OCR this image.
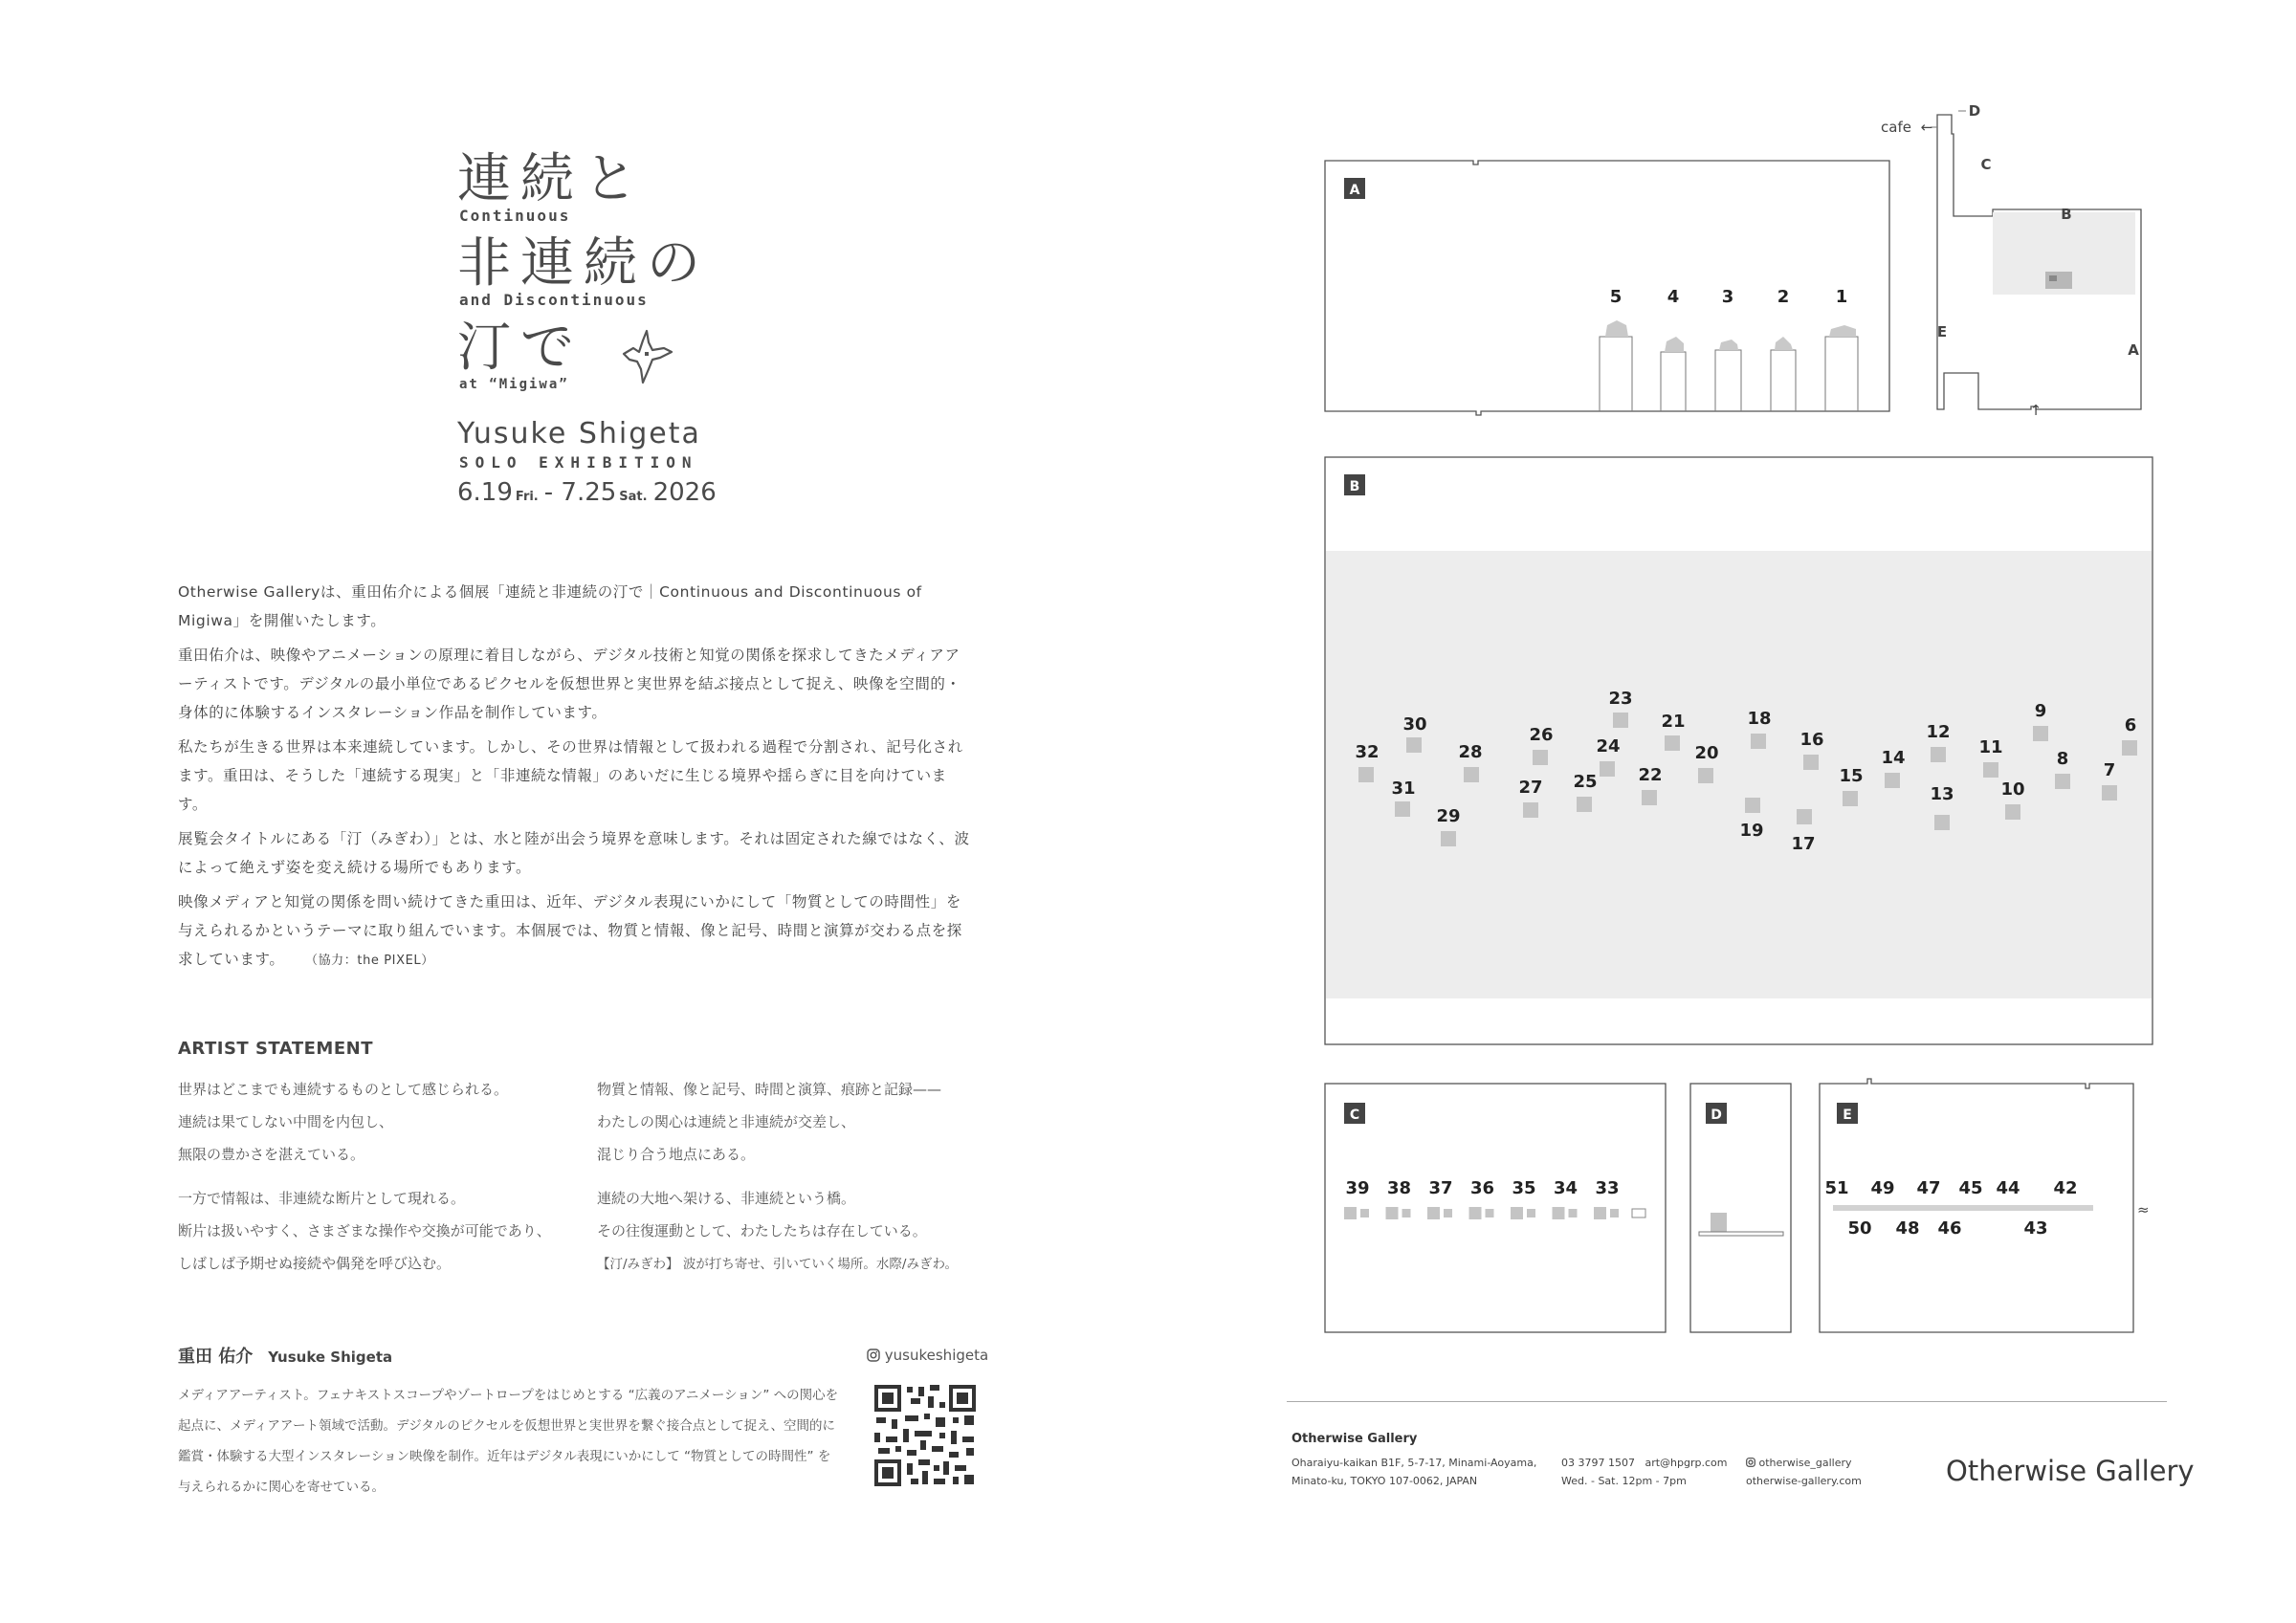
連続と
Continuous
非連続の
and Discontinuous
汀で
at “Migiwa”
Yusuke Shigeta
SOLO EXHIBITION
6.19 Fri. - 7.25 Sat. 2026

Otherwise Galleryは、重田佑介による個展「連続と非連続の汀で｜Continuous and Discontinuous of Migiwa」を開催いたします。

重田佑介は、映像やアニメーションの原理に着目しながら、デジタル技術と知覚の関係を探求してきたメディアアーティストです。デジタルの最小単位であるピクセルを仮想世界と実世界を結ぶ接点として捉え、映像を空間的・身体的に体験するインスタレーション作品を制作しています。

私たちが生きる世界は本来連続しています。しかし、その世界は情報として扱われる過程で分割され、記号化されます。重田は、そうした「連続する現実」と「非連続な情報」のあいだに生じる境界や揺らぎに目を向けています。

展覧会タイトルにある「汀（みぎわ）」とは、水と陸が出会う境界を意味します。それは固定された線ではなく、波によって絶えず姿を変え続ける場所でもあります。

映像メディアと知覚の関係を問い続けてきた重田は、近年、デジタル表現にいかにして「物質としての時間性」を与えられるかというテーマに取り組んでいます。本個展では、物質と情報、像と記号、時間と演算が交わる点を探求しています。 （協力：the PIXEL）

ARTIST STATEMENT

世界はどこまでも連続するものとして感じられる。
連続は果てしない中間を内包し、
無限の豊かさを湛えている。

一方で情報は、非連続な断片として現れる。
断片は扱いやすく、さまざまな操作や交換が可能であり、
しばしば予期せぬ接続や偶発を呼び込む。

物質と情報、像と記号、時間と演算、痕跡と記録——
わたしの関心は連続と非連続が交差し、
混じり合う地点にある。

連続の大地へ架ける、非連続という橋。
その往復運動として、わたしたちは存在している。
【汀/みぎわ】 波が打ち寄せ、引いていく場所。水際/みぎわ。

重田 佑介 Yusuke Shigeta	yusukeshigeta
メディアアーティスト。フェナキストスコープやゾートロープをはじめとする “広義のアニメーション” への関心を
起点に、メディアアート領域で活動。デジタルのピクセルを仮想世界と実世界を繋ぐ接合点として捉え、空間的に
鑑賞・体験する大型インスタレーション映像を制作。近年はデジタル表現にいかにして “物質としての時間性” を
与えられるかに関心を寄せている。
A
5	4 3	2	1
cafe ←
D
C
B
E
A
↑
B
32
31
30
29
28
27
26
25
24
23
22
21
20
19
18
17
16
15
14
13
12
11
10
9
8
7
6
C
39 38 37 36 35 34 33
D	E
≈
51 49 47 45 44 42
50 48 46	43
Otherwise Gallery
Oharaiyu-kaikan B1F, 5-7-17, Minami-Aoyama,
Minato-ku, TOKYO 107-0062, JAPAN
03 3797 1507 art@hpgrp.com
Wed. - Sat. 12pm - 7pm
otherwise_gallery
otherwise-gallery.com	Otherwise Gallery
